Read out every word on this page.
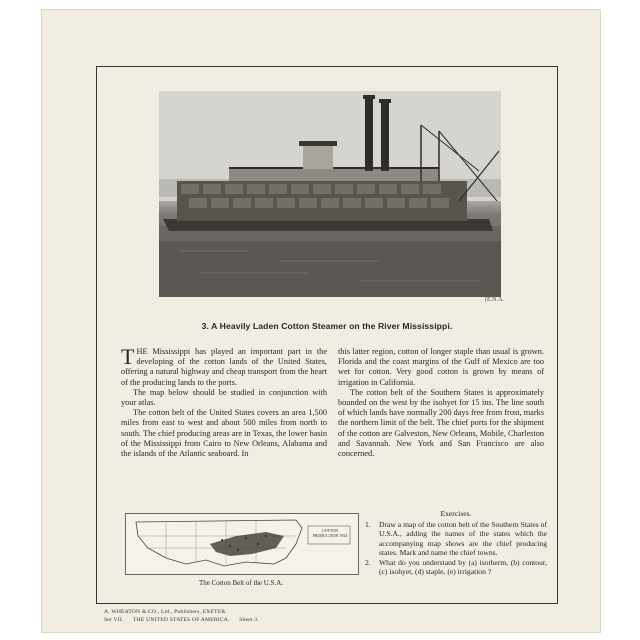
[E.N.A.
3. A Heavily Laden Cotton Steamer on the River Mississippi.

THE Mississippi has played an important part in the developing of the cotton lands of the United States, offering a natural highway and cheap transport from the heart of the producing lands to the ports.

The map below should be studied in conjunction with your atlas.

The cotton belt of the United States covers an area 1,500 miles from east to west and about 500 miles from north to south. The chief producing areas are in Texas, the lower basin of the Mississippi from Cairo to New Orleans, Alabama and the islands of the Atlantic seaboard. In

this latter region, cotton of longer staple than usual is grown. Florida and the coast margins of the Gulf of Mexico are too wet for cotton. Very good cotton is grown by means of irrigation in California.

The cotton belt of the Southern States is approximately bounded on the west by the isohyet for 15 ins. The line south of which lands have normally 200 days free from frost, marks the northern limit of the belt. The chief ports for the shipment of the cotton are Galveston, New Orleans, Mobile, Charleston and Savannah. New York and San Francisco are also concerned.

COTTON PRODUCTION 1924
The Cotton Belt of the U.S.A.
Exercises.
1.	Draw a map of the cotton belt of the Southern States of U.S.A., adding the names of the states which the accompanying map shows are the chief producing states. Mark and name the chief towns.
2.	What do you understand by (a) isotherm, (b) contour, (c) isohyet, (d) staple, (e) irrigation ?
A. WHEATON & CO., Ltd., Publishers, EXETER.
Ser VII. THE UNITED STATES OF AMERICA. Sheet 3.
